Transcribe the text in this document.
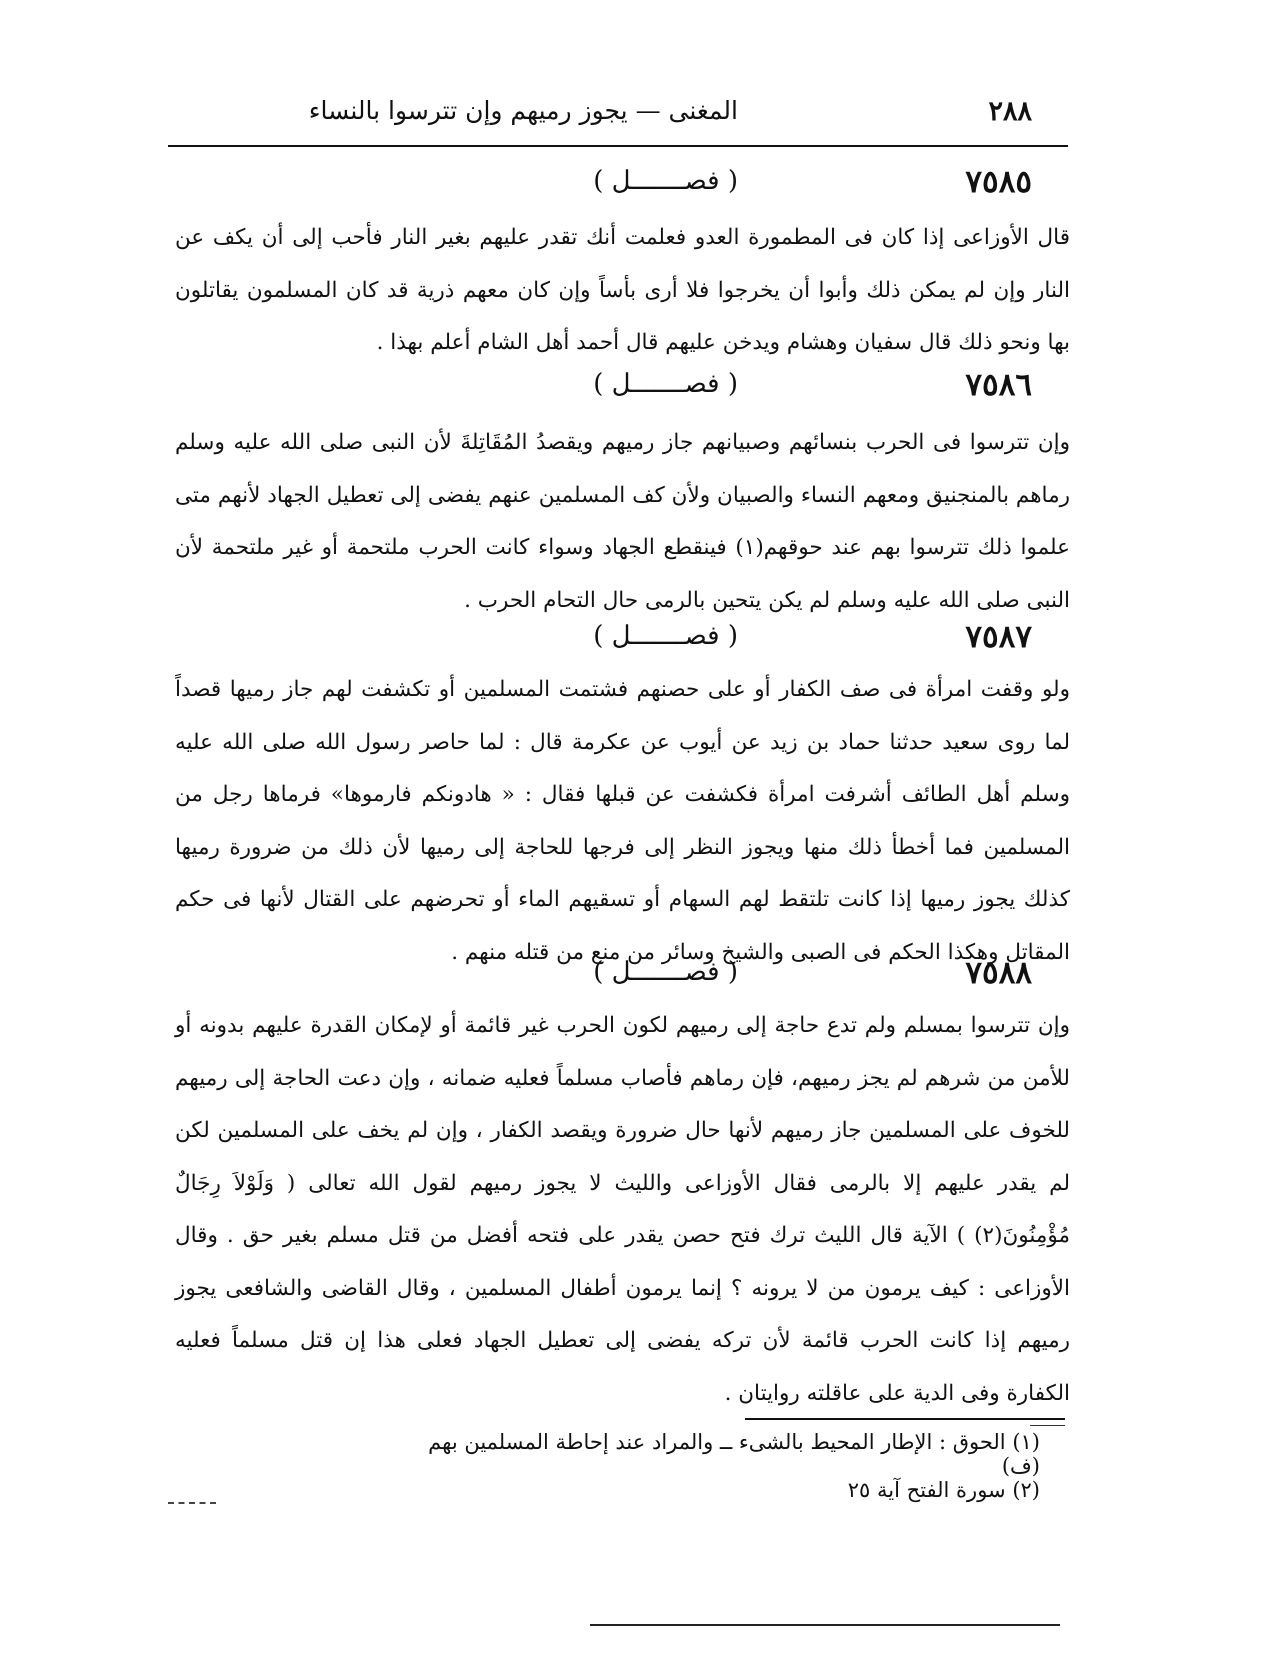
٢٨٨
المغنى — يجوز رميهم وإن تترسوا بالنساء
٧٥٨٥
( فصـــــــل )

قال الأوزاعى إذا كان فى المطمورة العدو فعلمت أنك تقدر عليهم بغير النار فأحب إلى أن يكف عن النار وإن لم يمكن ذلك وأبوا أن يخرجوا فلا أرى بأساً وإن كان معهم ذرية قد كان المسلمون يقاتلون بها ونحو ذلك قال سفيان وهشام ويدخن عليهم قال أحمد أهل الشام أعلم بهذا .

٧٥٨٦
( فصـــــــل )

وإن تترسوا فى الحرب بنسائهم وصبيانهم جاز رميهم ويقصدُ المُقَاتِلةَ لأن النبى صلى الله عليه وسلم رماهم بالمنجنيق ومعهم النساء والصبيان ولأن كف المسلمين عنهم يفضى إلى تعطيل الجهاد لأنهم متى علموا ذلك تترسوا بهم عند حوقهم(١) فينقطع الجهاد وسواء كانت الحرب ملتحمة أو غير ملتحمة لأن النبى صلى الله عليه وسلم لم يكن يتحين بالرمى حال التحام الحرب .

٧٥٨٧
( فصـــــــل )

ولو وقفت امرأة فى صف الكفار أو على حصنهم فشتمت المسلمين أو تكشفت لهم جاز رميها قصداً لما روى سعيد حدثنا حماد بن زيد عن أيوب عن عكرمة قال : لما حاصر رسول الله صلى الله عليه وسلم أهل الطائف أشرفت امرأة فكشفت عن قبلها فقال : « هادونكم فارموها» فرماها رجل من المسلمين فما أخطأ ذلك منها ويجوز النظر إلى فرجها للحاجة إلى رميها لأن ذلك من ضرورة رميها كذلك يجوز رميها إذا كانت تلتقط لهم السهام أو تسقيهم الماء أو تحرضهم على القتال لأنها فى حكم المقاتل وهكذا الحكم فى الصبى والشيخ وسائر من منع من قتله منهم .

٧٥٨٨
( فصـــــــل )

وإن تترسوا بمسلم ولم تدع حاجة إلى رميهم لكون الحرب غير قائمة أو لإمكان القدرة عليهم بدونه أو للأمن من شرهم لم يجز رميهم، فإن رماهم فأصاب مسلماً فعليه ضمانه ، وإن دعت الحاجة إلى رميهم للخوف على المسلمين جاز رميهم لأنها حال ضرورة ويقصد الكفار ، وإن لم يخف على المسلمين لكن لم يقدر عليهم إلا بالرمى فقال الأوزاعى والليث لا يجوز رميهم لقول الله تعالى ( وَلَوْلاَ رِجَالٌ مُؤْمِنُونَ(٢) ) الآية قال الليث ترك فتح حصن يقدر على فتحه أفضل من قتل مسلم بغير حق . وقال الأوزاعى : كيف يرمون من لا يرونه ؟ إنما يرمون أطفال المسلمين ، وقال القاضى والشافعى يجوز رميهم إذا كانت الحرب قائمة لأن تركه يفضى إلى تعطيل الجهاد فعلى هذا إن قتل مسلماً فعليه الكفارة وفى الدية على عاقلته روايتان .

(١) الحوق : الإطار المحيط بالشىء ــ والمراد عند إحاطة المسلمين بهم (ف)
(٢) سورة الفتح آية ٢٥
